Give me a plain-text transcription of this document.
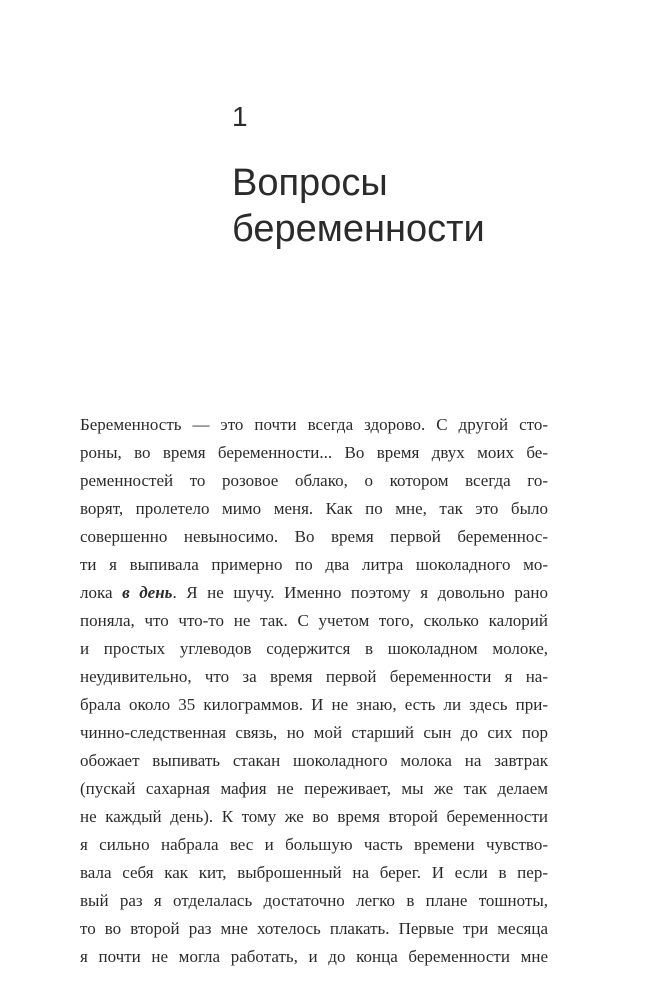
1
Вопросы
беременности
Беременность — это почти всегда здорово. С другой сто-
роны, во время беременности... Во время двух моих бе-
ременностей то розовое облако, о котором всегда го-
ворят, пролетело мимо меня. Как по мне, так это было
совершенно невыносимо. Во время первой беременнос-
ти я выпивала примерно по два литра шоколадного мо-
лока в день. Я не шучу. Именно поэтому я довольно рано
поняла, что что-то не так. С учетом того, сколько калорий
и простых углеводов содержится в шоколадном молоке,
неудивительно, что за время первой беременности я на-
брала около 35 килограммов. И не знаю, есть ли здесь при-
чинно-следственная связь, но мой старший сын до сих пор
обожает выпивать стакан шоколадного молока на завтрак
(пускай сахарная мафия не переживает, мы же так делаем
не каждый день). К тому же во время второй беременности
я сильно набрала вес и большую часть времени чувство-
вала себя как кит, выброшенный на берег. И если в пер-
вый раз я отделалась достаточно легко в плане тошноты,
то во второй раз мне хотелось плакать. Первые три месяца
я почти не могла работать, и до конца беременности мне
